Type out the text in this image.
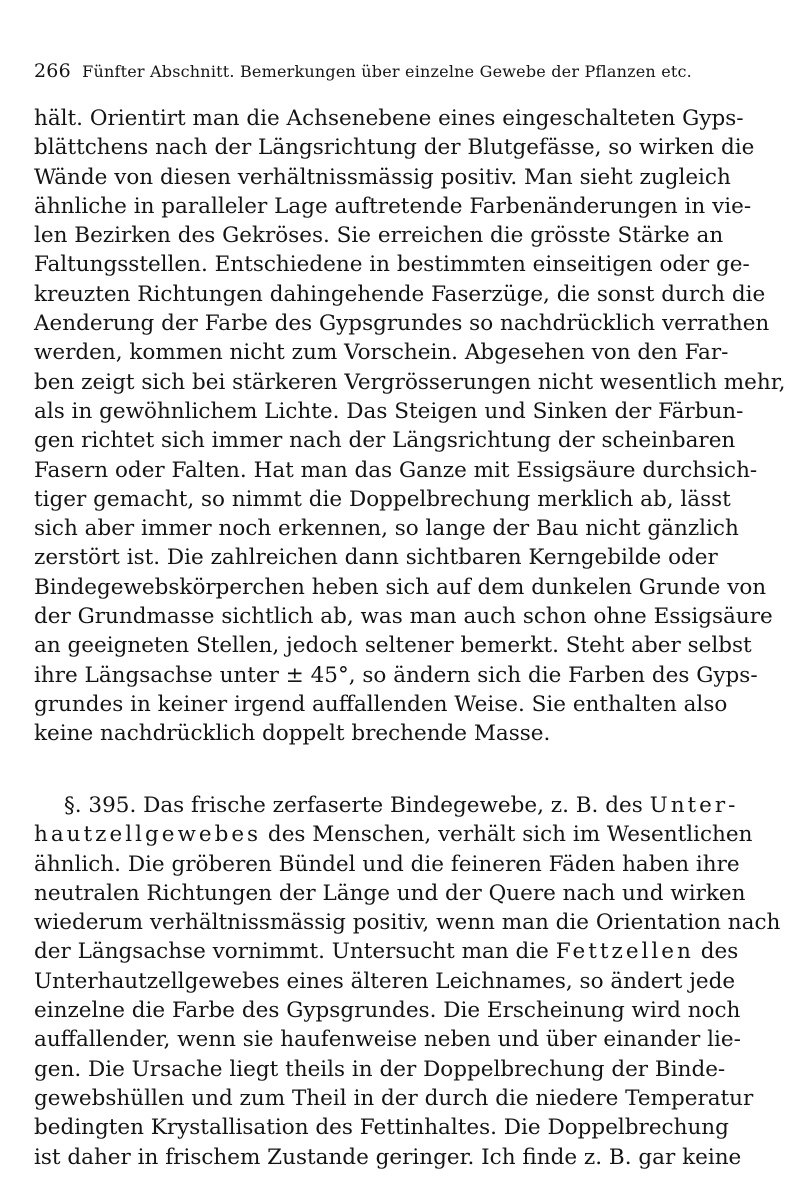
266 Fünfter Abschnitt. Bemerkungen über einzelne Gewebe der Pflanzen etc.
hält. Orientirt man die Achsenebene eines eingeschalteten Gyps-
blättchens nach der Längsrichtung der Blutgefässe, so wirken die
Wände von diesen verhältnissmässig positiv. Man sieht zugleich
ähnliche in paralleler Lage auftretende Farbenänderungen in vie-
len Bezirken des Gekröses. Sie erreichen die grösste Stärke an
Faltungsstellen. Entschiedene in bestimmten einseitigen oder ge-
kreuzten Richtungen dahingehende Faserzüge, die sonst durch die
Aenderung der Farbe des Gypsgrundes so nachdrücklich verrathen
werden, kommen nicht zum Vorschein. Abgesehen von den Far-
ben zeigt sich bei stärkeren Vergrösserungen nicht wesentlich mehr,
als in gewöhnlichem Lichte. Das Steigen und Sinken der Färbun-
gen richtet sich immer nach der Längsrichtung der scheinbaren
Fasern oder Falten. Hat man das Ganze mit Essigsäure durchsich-
tiger gemacht, so nimmt die Doppelbrechung merklich ab, lässt
sich aber immer noch erkennen, so lange der Bau nicht gänzlich
zerstört ist. Die zahlreichen dann sichtbaren Kerngebilde oder
Bindegewebskörperchen heben sich auf dem dunkelen Grunde von
der Grundmasse sichtlich ab, was man auch schon ohne Essigsäure
an geeigneten Stellen, jedoch seltener bemerkt. Steht aber selbst
ihre Längsachse unter ± 45°, so ändern sich die Farben des Gyps-
grundes in keiner irgend auffallenden Weise. Sie enthalten also
keine nachdrücklich doppelt brechende Masse.
§. 395. Das frische zerfaserte Bindegewebe, z. B. des Unter-
hautzellgewebes des Menschen, verhält sich im Wesentlichen
ähnlich. Die gröberen Bündel und die feineren Fäden haben ihre
neutralen Richtungen der Länge und der Quere nach und wirken
wiederum verhältnissmässig positiv, wenn man die Orientation nach
der Längsachse vornimmt. Untersucht man die Fettzellen des
Unterhautzellgewebes eines älteren Leichnames, so ändert jede
einzelne die Farbe des Gypsgrundes. Die Erscheinung wird noch
auffallender, wenn sie haufenweise neben und über einander lie-
gen. Die Ursache liegt theils in der Doppelbrechung der Binde-
gewebshüllen und zum Theil in der durch die niedere Temperatur
bedingten Krystallisation des Fettinhaltes. Die Doppelbrechung
ist daher in frischem Zustande geringer. Ich finde z. B. gar keine
